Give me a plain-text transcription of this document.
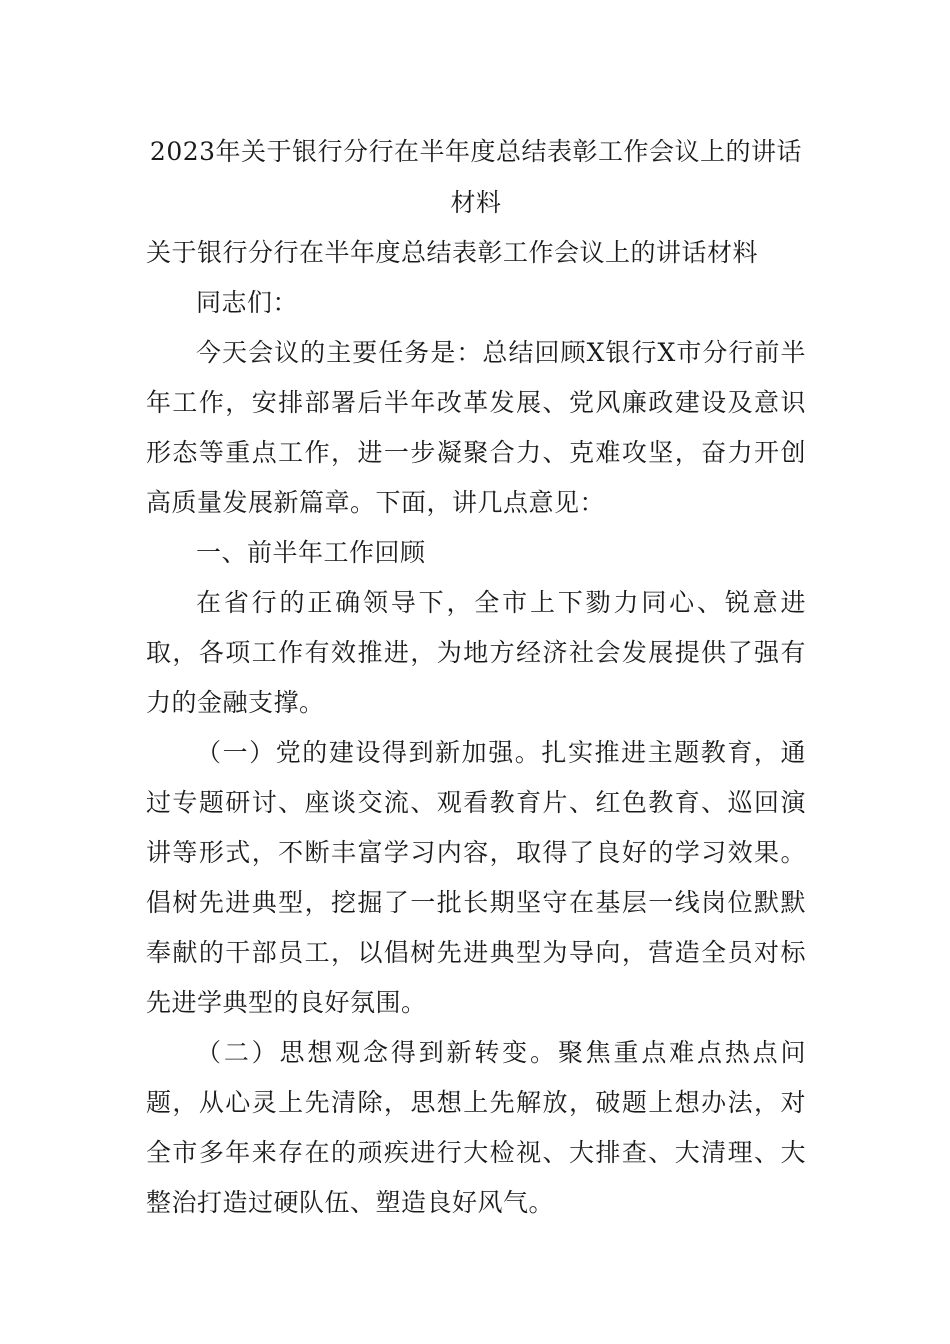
2023年关于银行分行在半年度总结表彰工作会议上的讲话材料

关于银行分行在半年度总结表彰工作会议上的讲话材料

同志们：

今天会议的主要任务是：总结回顾X银行X市分行前半年工作，安排部署后半年改革发展、党风廉政建设及意识形态等重点工作，进一步凝聚合力、克难攻坚，奋力开创高质量发展新篇章。下面，讲几点意见：

一、前半年工作回顾

在省行的正确领导下，全市上下勠力同心、锐意进取，各项工作有效推进，为地方经济社会发展提供了强有力的金融支撑。

（一）党的建设得到新加强。扎实推进主题教育，通过专题研讨、座谈交流、观看教育片、红色教育、巡回演讲等形式，不断丰富学习内容，取得了良好的学习效果。倡树先进典型，挖掘了一批长期坚守在基层一线岗位默默奉献的干部员工，以倡树先进典型为导向，营造全员对标先进学典型的良好氛围。

（二）思想观念得到新转变。聚焦重点难点热点问题，从心灵上先清除，思想上先解放，破题上想办法，对全市多年来存在的顽疾进行大检视、大排查、大清理、大整治打造过硬队伍、塑造良好风气。
